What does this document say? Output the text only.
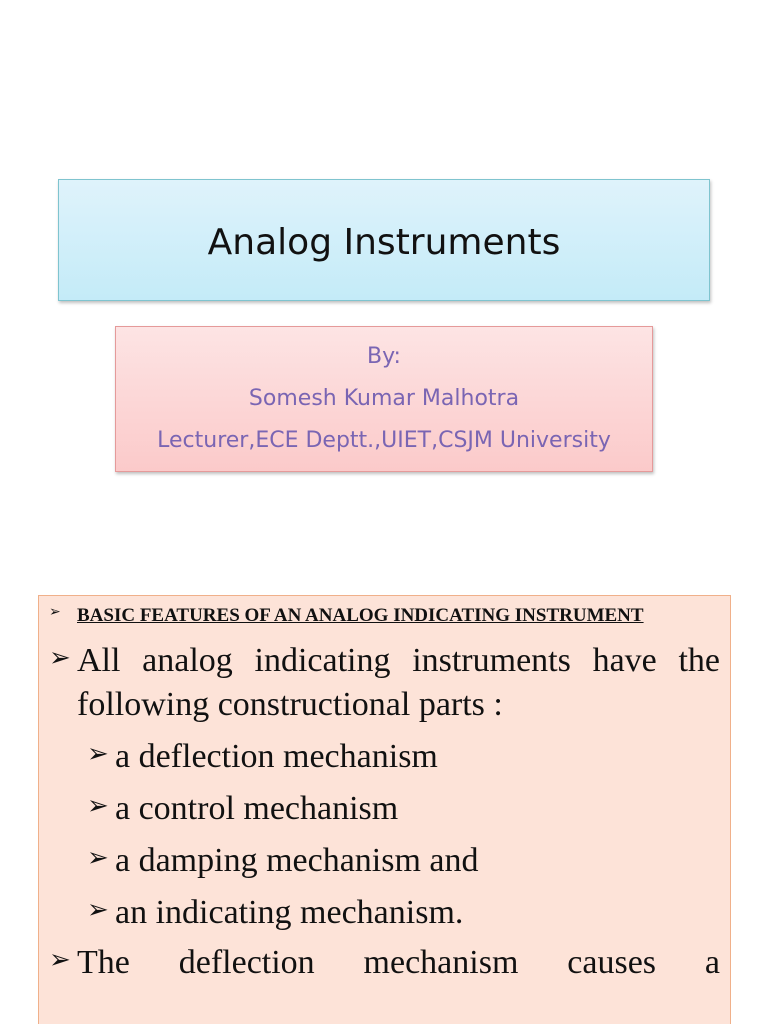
Analog Instruments
By:
Somesh Kumar Malhotra
Lecturer,ECE Deptt.,UIET,CSJM University
➢ BASIC FEATURES OF AN ANALOG INDICATING INSTRUMENT
➢ All analog indicating instruments have the following constructional parts :
➢ a deflection mechanism
➢ a control mechanism
➢ a damping mechanism and
➢ an indicating mechanism.
➢ The deflection mechanism causes a
